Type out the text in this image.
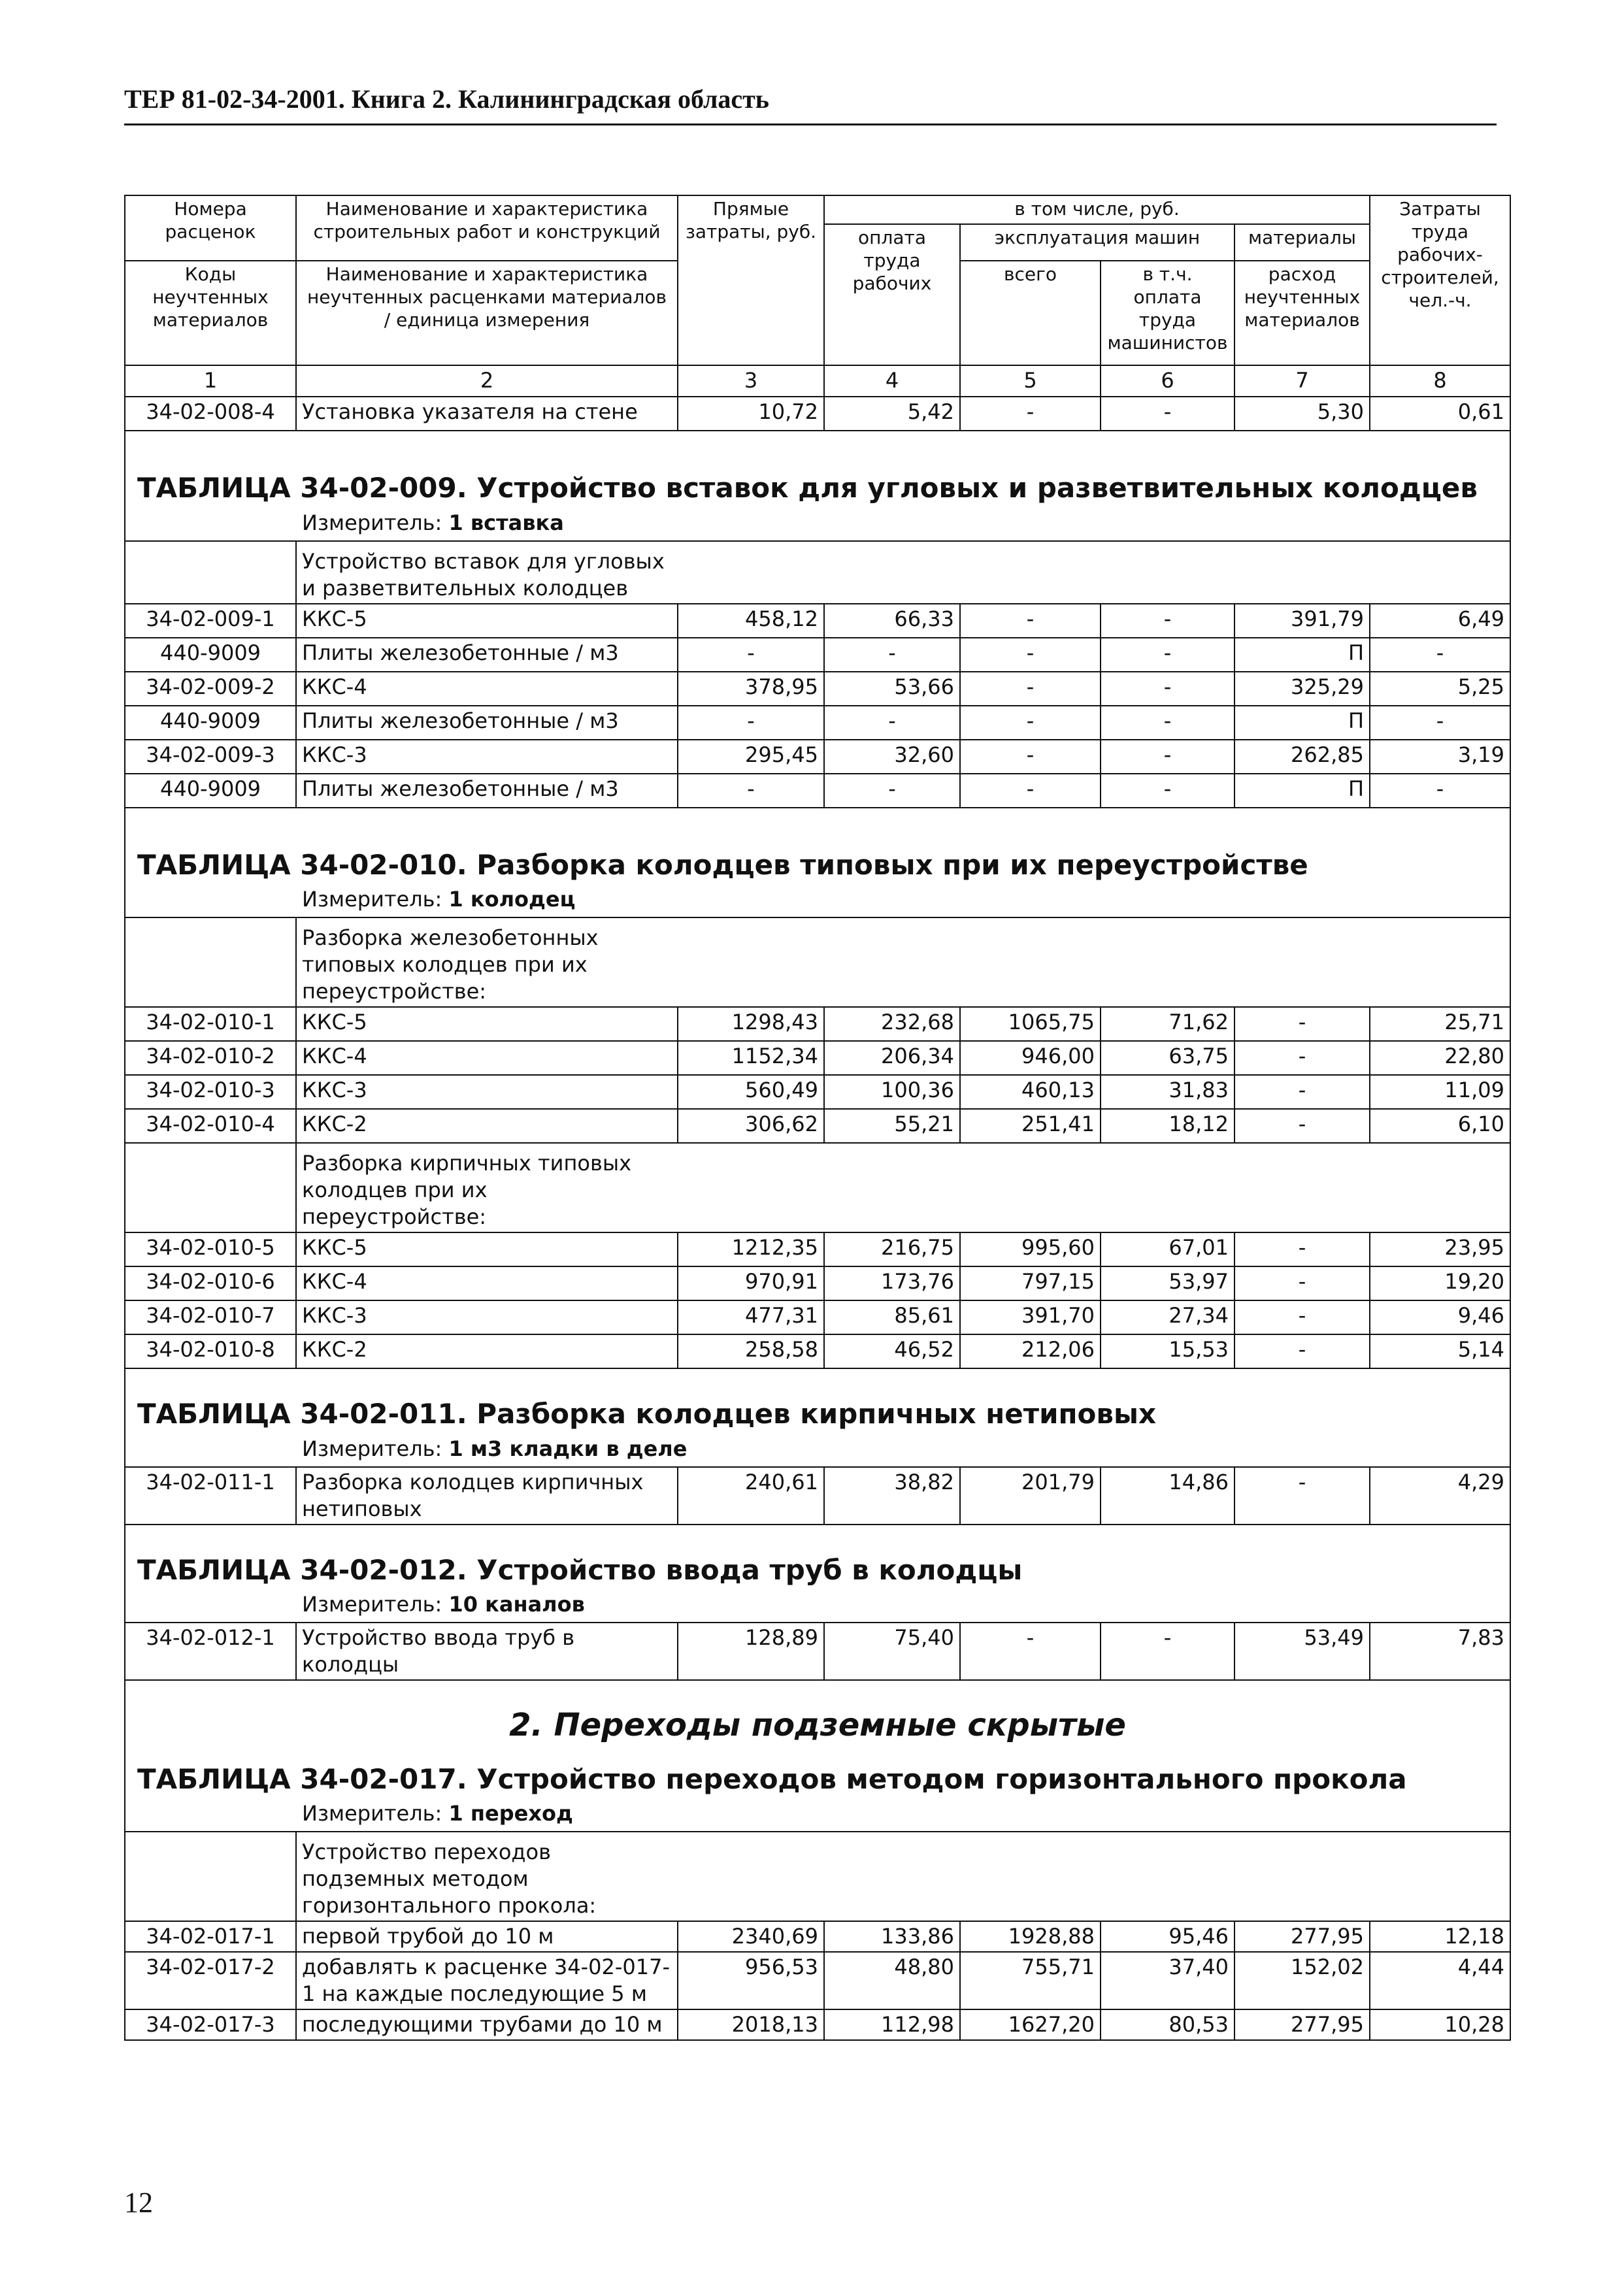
ТЕР 81-02-34-2001. Книга 2. Калининградская область
Номера расценок	Наименование и характеристика строительных работ и конструкций	Прямые затраты, руб.	в том числе, руб.				Затраты труда рабочих-строителей, чел.-ч.
			оплата труда рабочих	эксплуатация машин		материалы	
Коды неучтенных материалов	Наименование и характеристика неучтенных расценками материалов / единица измерения			всего	в т.ч. оплата труда машинистов	расход неучтенных материалов	

1	2	3	4	5	6	7	8
34-02-008-4	Установка указателя на стене	10,72	5,42	-	-	5,30	0,61

ТАБЛИЦА 34-02-009. Устройство вставок для угловых и разветвительных колодцев
Измеритель: 1 вставка							

	Устройство вставок для угловых и разветвительных колодцев						

34-02-009-1	ККС-5	458,12	66,33	-	-	391,79	6,49
440-9009	Плиты железобетонные / м3	-	-	-	-	П	-
34-02-009-2	ККС-4	378,95	53,66	-	-	325,29	5,25
440-9009	Плиты железобетонные / м3	-	-	-	-	П	-
34-02-009-3	ККС-3	295,45	32,60	-	-	262,85	3,19
440-9009	Плиты железобетонные / м3	-	-	-	-	П	-

ТАБЛИЦА 34-02-010. Разборка колодцев типовых при их переустройстве
Измеритель: 1 колодец							

	Разборка железобетонных типовых колодцев при их переустройстве:						

34-02-010-1	ККС-5	1298,43	232,68	1065,75	71,62	-	25,71
34-02-010-2	ККС-4	1152,34	206,34	946,00	63,75	-	22,80
34-02-010-3	ККС-3	560,49	100,36	460,13	31,83	-	11,09
34-02-010-4	ККС-2	306,62	55,21	251,41	18,12	-	6,10

	Разборка кирпичных типовых колодцев при их переустройстве:						

34-02-010-5	ККС-5	1212,35	216,75	995,60	67,01	-	23,95
34-02-010-6	ККС-4	970,91	173,76	797,15	53,97	-	19,20
34-02-010-7	ККС-3	477,31	85,61	391,70	27,34	-	9,46
34-02-010-8	ККС-2	258,58	46,52	212,06	15,53	-	5,14

ТАБЛИЦА 34-02-011. Разборка колодцев кирпичных нетиповых
Измеритель: 1 м3 кладки в деле							

34-02-011-1	Разборка колодцев кирпичных нетиповых	240,61	38,82	201,79	14,86	-	4,29

ТАБЛИЦА 34-02-012. Устройство ввода труб в колодцы
Измеритель: 10 каналов							

34-02-012-1	Устройство ввода труб в колодцы	128,89	75,40	-	-	53,49	7,83

2. Переходы подземные скрытые							

ТАБЛИЦА 34-02-017. Устройство переходов методом горизонтального прокола
Измеритель: 1 переход							

	Устройство переходов подземных методом горизонтального прокола:						

34-02-017-1	первой трубой до 10 м	2340,69	133,86	1928,88	95,46	277,95	12,18
34-02-017-2	добавлять к расценке 34-02-017-1 на каждые последующие 5 м	956,53	48,80	755,71	37,40	152,02	4,44
34-02-017-3	последующими трубами до 10 м	2018,13	112,98	1627,20	80,53	277,95	10,28
12
